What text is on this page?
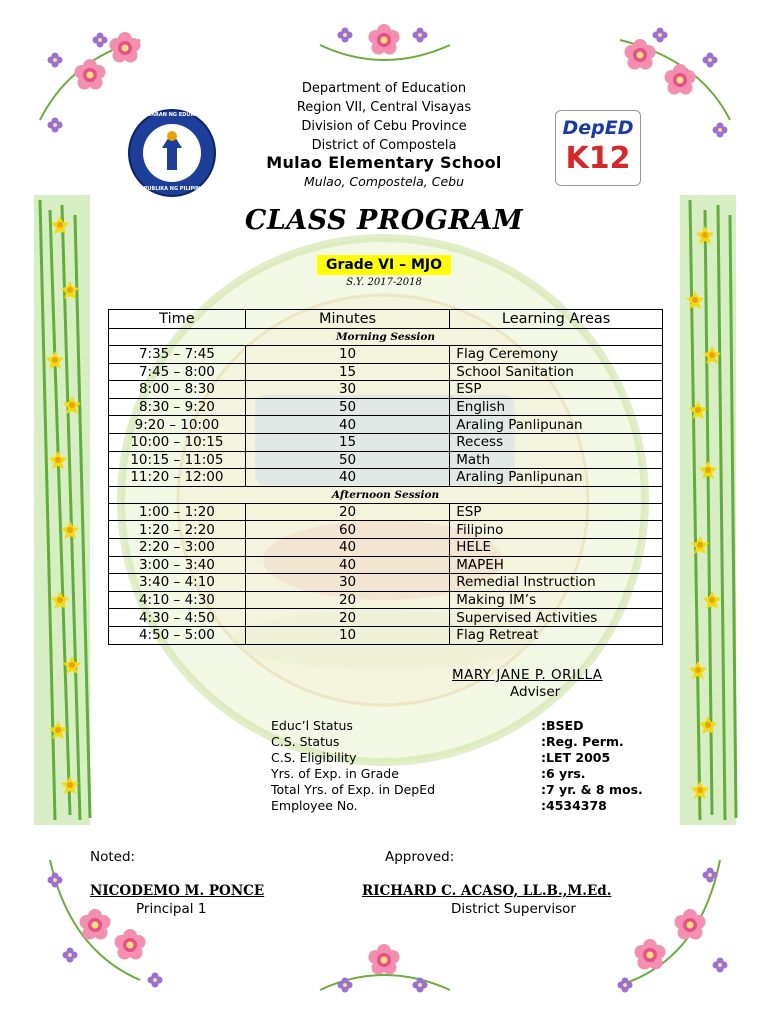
KAGAWARAN NG EDUKASYON
REPUBLIKA NG PILIPINAS
DepED
K12
Department of Education
Region VII, Central Visayas
Division of Cebu Province
District of Compostela
Mulao Elementary School
Mulao, Compostela, Cebu
CLASS PROGRAM
Grade VI – MJO
S.Y. 2017-2018
Time	Minutes	Learning Areas
Morning Session		
7:35 – 7:45	10	Flag Ceremony
7:45 – 8:00	15	School Sanitation
8:00 – 8:30	30	ESP
8:30 – 9:20	50	English
9:20 – 10:00	40	Araling Panlipunan
10:00 – 10:15	15	Recess
10:15 – 11:05	50	Math
11:20 – 12:00	40	Araling Panlipunan
Afternoon Session		
1:00 – 1:20	20	ESP
1:20 – 2:20	60	Filipino
2:20 – 3:00	40	HELE
3:00 – 3:40	40	MAPEH
3:40 – 4:10	30	Remedial Instruction
4:10 – 4:30	20	Making IM’s
4:30 – 4:50	20	Supervised Activities
4:50 – 5:00	10	Flag Retreat
MARY JANE P. ORILLA
Adviser
Educ’l Status	:BSED
C.S. Status	:Reg. Perm.
C.S. Eligibility	:LET 2005
Yrs. of Exp. in Grade	:6 yrs.
Total Yrs. of Exp. in DepEd	:7 yr. & 8 mos.
Employee No.	:4534378
Noted:	Approved:
NICODEMO M. PONCE
Principal 1
RICHARD C. ACASO, LL.B.,M.Ed.
District Supervisor
